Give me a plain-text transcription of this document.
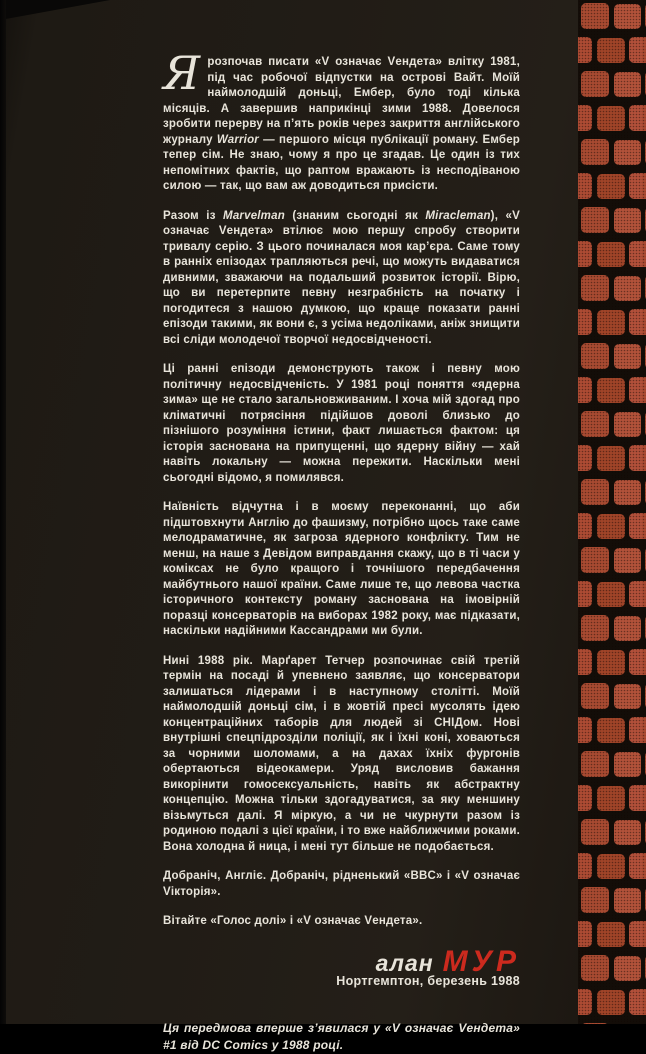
Ярозпочав писати «V означає Vендета» влітку 1981, під час робочої відпустки на острові Вайт. Моїй наймолодшій доньці, Ембер, було тоді кілька місяців. А завершив наприкінці зими 1988. Довелося зробити перерву на п’ять років через закриття англійського журналу Warrior — першого місця публікації роману. Ембер тепер сім. Не знаю, чому я про це згадав. Це один із тих непомітних фактів, що раптом вражають із несподіваною силою — так, що вам аж доводиться присісти.

Разом із Marvelman (знаним сьогодні як Miracleman), «V означає Vендета» втілює мою першу спробу створити тривалу серію. З цього починалася моя кар’єра. Саме тому в ранніх епізодах трапляються речі, що можуть видаватися дивними, зважаючи на подальший розвиток історії. Вірю, що ви перетерпите певну незграбність на початку і погодитеся з нашою думкою, що краще показати ранні епізоди такими, як вони є, з усіма недоліками, аніж знищити всі сліди молодечої творчої недосвідченості.

Ці ранні епізоди демонструють також і певну мою політичну недосвідченість. У 1981 році поняття «ядерна зима» ще не стало загальновживаним. І хоча мій здогад про кліматичні потрясіння підійшов доволі близько до пізнішого розуміння істини, факт лишається фактом: ця історія заснована на припущенні, що ядерну війну — хай навіть локальну — можна пережити. Наскільки мені сьогодні відомо, я помилявся.

Наївність відчутна і в моєму переконанні, що аби підштовхнути Англію до фашизму, потрібно щось таке саме мелодраматичне, як загроза ядерного конфлікту. Тим не менш, на наше з Девідом виправдання скажу, що в ті часи у коміксах не було кращого і точнішого передбачення майбутнього нашої країни. Саме лише те, що левова частка історичного контексту роману заснована на імовірній поразці консерваторів на виборах 1982 року, має підказати, наскільки надійними Кассандрами ми були.

Нині 1988 рік. Марґарет Тетчер розпочинає свій третій термін на посаді й упевнено заявляє, що консерватори залишаться лідерами і в наступному столітті. Моїй наймолодшій доньці сім, і в жовтій пресі мусолять ідею концентраційних таборів для людей зі СНІДом. Нові внутрішні спецпідрозділи поліції, як і їхні коні, ховаються за чорними шоломами, а на дахах їхніх фургонів обертаються відеокамери. Уряд висловив бажання викорінити гомосексуальність, навіть як абстрактну концепцію. Можна тільки здогадуватися, за яку меншину візьмуться далі. Я міркую, а чи не чкурнути разом із родиною подалі з цієї країни, і то вже найближчими роками. Вона холодна й ница, і мені тут більше не подобається.

Добраніч, Англіє. Добраніч, рідненький «BBC» і «V означає Vікторія».

Вітайте «Голос долі» і «V означає Vендета».

алан МУР
Нортгемптон, березень 1988
Ця передмова вперше з’явилася у «V означає Vендета» #1 від DC Comics у 1988 році.
